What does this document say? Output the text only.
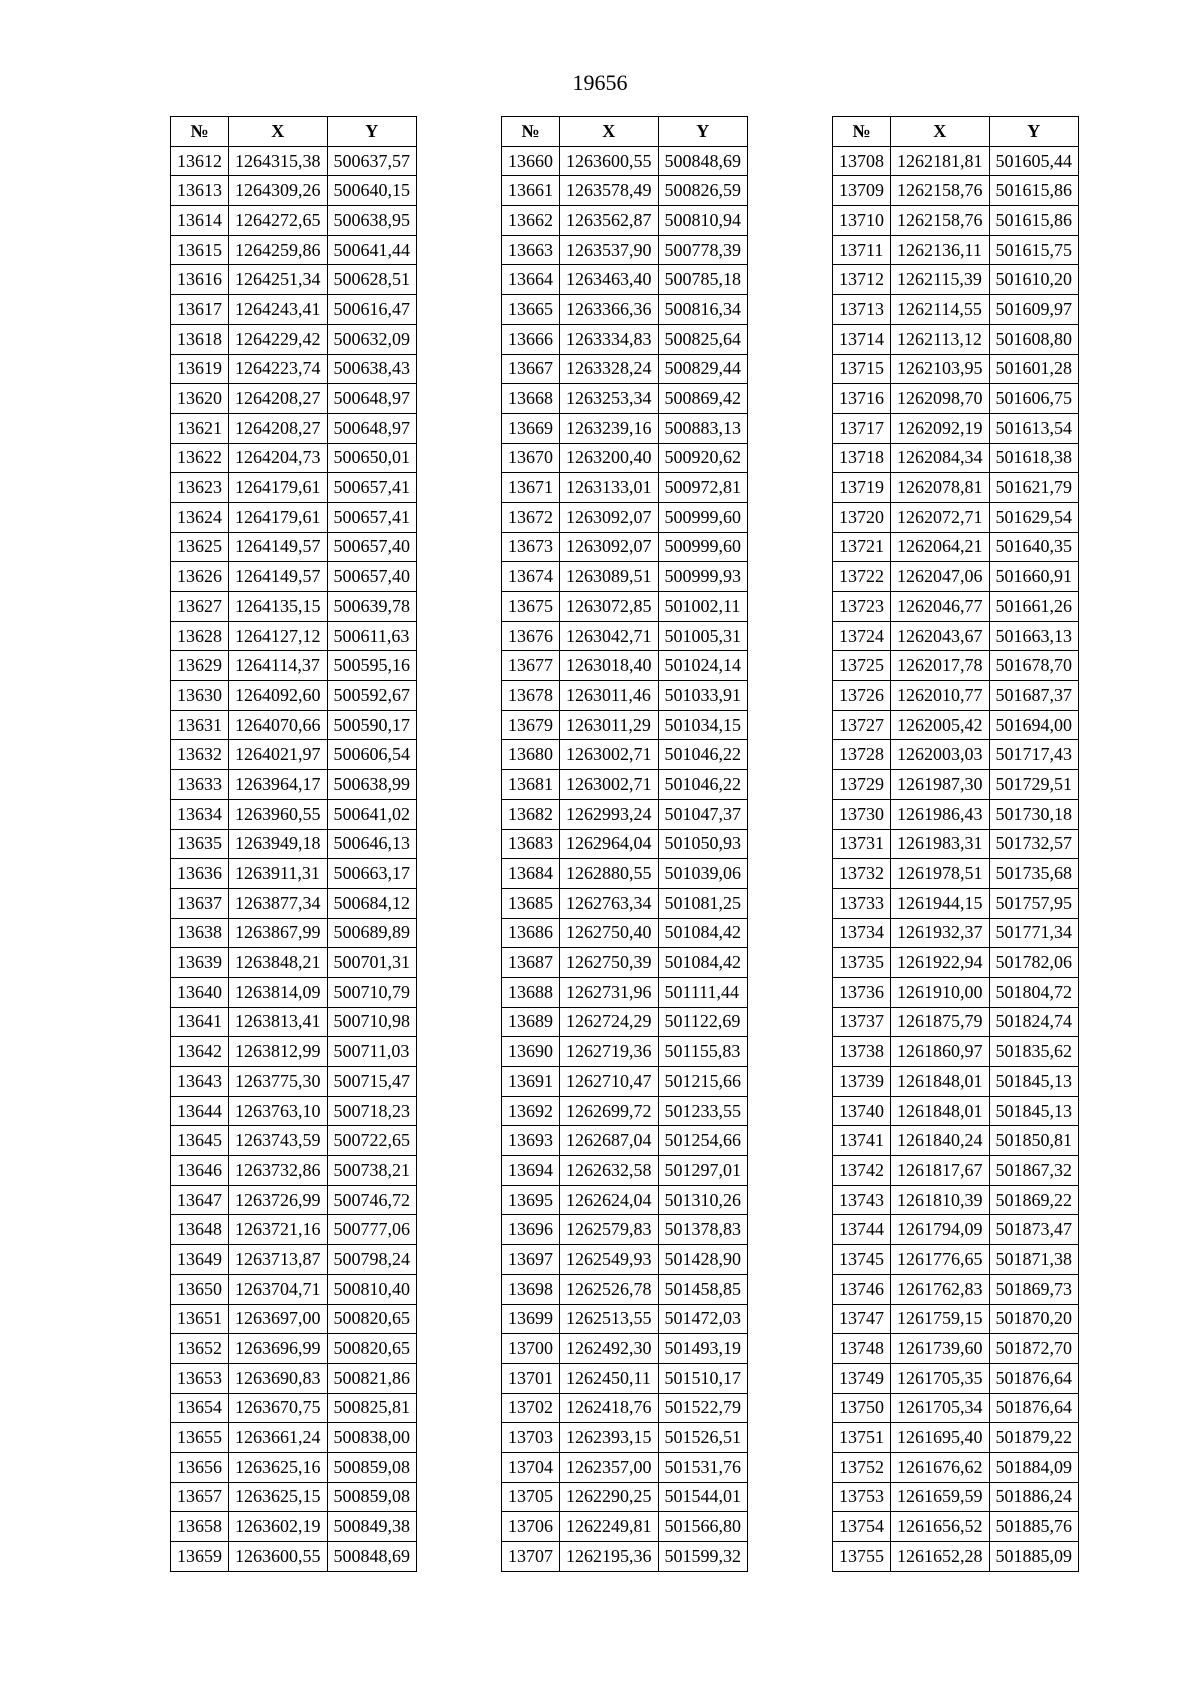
19656
№	X	Y
13612	1264315,38	500637,57
13613	1264309,26	500640,15
13614	1264272,65	500638,95
13615	1264259,86	500641,44
13616	1264251,34	500628,51
13617	1264243,41	500616,47
13618	1264229,42	500632,09
13619	1264223,74	500638,43
13620	1264208,27	500648,97
13621	1264208,27	500648,97
13622	1264204,73	500650,01
13623	1264179,61	500657,41
13624	1264179,61	500657,41
13625	1264149,57	500657,40
13626	1264149,57	500657,40
13627	1264135,15	500639,78
13628	1264127,12	500611,63
13629	1264114,37	500595,16
13630	1264092,60	500592,67
13631	1264070,66	500590,17
13632	1264021,97	500606,54
13633	1263964,17	500638,99
13634	1263960,55	500641,02
13635	1263949,18	500646,13
13636	1263911,31	500663,17
13637	1263877,34	500684,12
13638	1263867,99	500689,89
13639	1263848,21	500701,31
13640	1263814,09	500710,79
13641	1263813,41	500710,98
13642	1263812,99	500711,03
13643	1263775,30	500715,47
13644	1263763,10	500718,23
13645	1263743,59	500722,65
13646	1263732,86	500738,21
13647	1263726,99	500746,72
13648	1263721,16	500777,06
13649	1263713,87	500798,24
13650	1263704,71	500810,40
13651	1263697,00	500820,65
13652	1263696,99	500820,65
13653	1263690,83	500821,86
13654	1263670,75	500825,81
13655	1263661,24	500838,00
13656	1263625,16	500859,08
13657	1263625,15	500859,08
13658	1263602,19	500849,38
13659	1263600,55	500848,69
№	X	Y
13660	1263600,55	500848,69
13661	1263578,49	500826,59
13662	1263562,87	500810,94
13663	1263537,90	500778,39
13664	1263463,40	500785,18
13665	1263366,36	500816,34
13666	1263334,83	500825,64
13667	1263328,24	500829,44
13668	1263253,34	500869,42
13669	1263239,16	500883,13
13670	1263200,40	500920,62
13671	1263133,01	500972,81
13672	1263092,07	500999,60
13673	1263092,07	500999,60
13674	1263089,51	500999,93
13675	1263072,85	501002,11
13676	1263042,71	501005,31
13677	1263018,40	501024,14
13678	1263011,46	501033,91
13679	1263011,29	501034,15
13680	1263002,71	501046,22
13681	1263002,71	501046,22
13682	1262993,24	501047,37
13683	1262964,04	501050,93
13684	1262880,55	501039,06
13685	1262763,34	501081,25
13686	1262750,40	501084,42
13687	1262750,39	501084,42
13688	1262731,96	501111,44
13689	1262724,29	501122,69
13690	1262719,36	501155,83
13691	1262710,47	501215,66
13692	1262699,72	501233,55
13693	1262687,04	501254,66
13694	1262632,58	501297,01
13695	1262624,04	501310,26
13696	1262579,83	501378,83
13697	1262549,93	501428,90
13698	1262526,78	501458,85
13699	1262513,55	501472,03
13700	1262492,30	501493,19
13701	1262450,11	501510,17
13702	1262418,76	501522,79
13703	1262393,15	501526,51
13704	1262357,00	501531,76
13705	1262290,25	501544,01
13706	1262249,81	501566,80
13707	1262195,36	501599,32
№	X	Y
13708	1262181,81	501605,44
13709	1262158,76	501615,86
13710	1262158,76	501615,86
13711	1262136,11	501615,75
13712	1262115,39	501610,20
13713	1262114,55	501609,97
13714	1262113,12	501608,80
13715	1262103,95	501601,28
13716	1262098,70	501606,75
13717	1262092,19	501613,54
13718	1262084,34	501618,38
13719	1262078,81	501621,79
13720	1262072,71	501629,54
13721	1262064,21	501640,35
13722	1262047,06	501660,91
13723	1262046,77	501661,26
13724	1262043,67	501663,13
13725	1262017,78	501678,70
13726	1262010,77	501687,37
13727	1262005,42	501694,00
13728	1262003,03	501717,43
13729	1261987,30	501729,51
13730	1261986,43	501730,18
13731	1261983,31	501732,57
13732	1261978,51	501735,68
13733	1261944,15	501757,95
13734	1261932,37	501771,34
13735	1261922,94	501782,06
13736	1261910,00	501804,72
13737	1261875,79	501824,74
13738	1261860,97	501835,62
13739	1261848,01	501845,13
13740	1261848,01	501845,13
13741	1261840,24	501850,81
13742	1261817,67	501867,32
13743	1261810,39	501869,22
13744	1261794,09	501873,47
13745	1261776,65	501871,38
13746	1261762,83	501869,73
13747	1261759,15	501870,20
13748	1261739,60	501872,70
13749	1261705,35	501876,64
13750	1261705,34	501876,64
13751	1261695,40	501879,22
13752	1261676,62	501884,09
13753	1261659,59	501886,24
13754	1261656,52	501885,76
13755	1261652,28	501885,09
